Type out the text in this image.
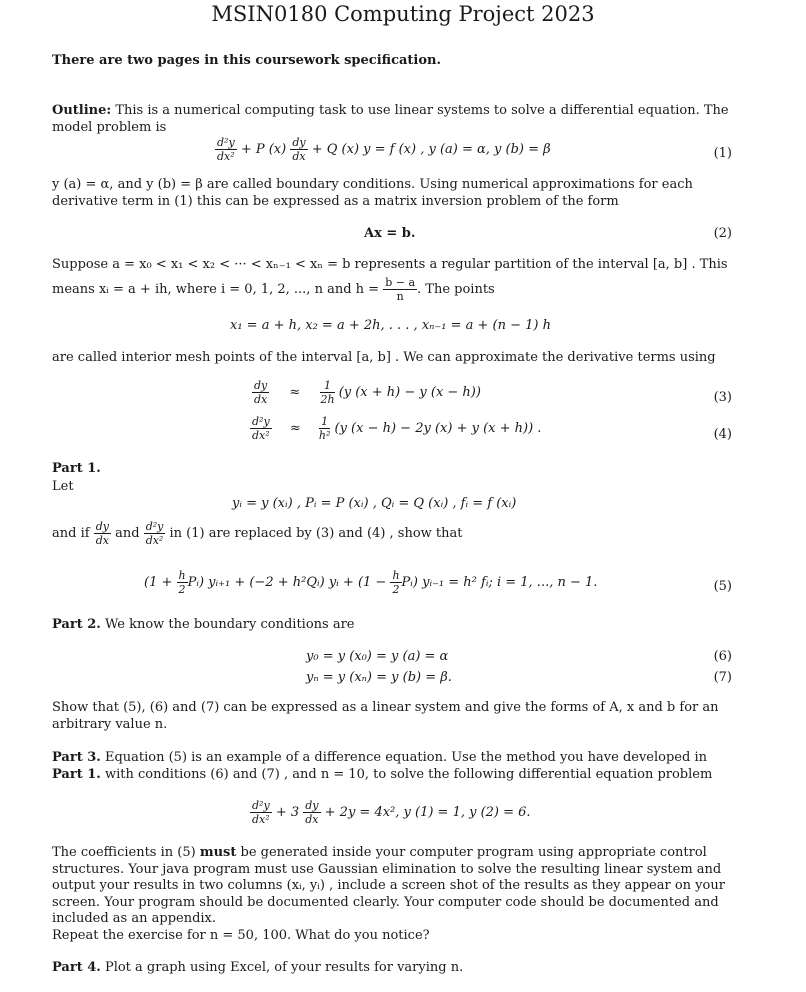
MSIN0180 Computing Project 2023
There are two pages in this coursework specification.
Outline: This is a numerical computing task to use linear systems to solve a differential equation. The model problem is
$\frac{\text{d²y}}{\text{dx²}} + P$ $(x) \frac{dy}{dx} + Q$ (x) y = f (x) , y (a) = α, y (b) = β	(1)
y (a) = α, and y (b) = β are called boundary conditions. Using numerical approximations for each derivative term in (1) this can be expressed as a matrix inversion problem of the form
Ax = b.	(2)
Suppose a = x₀ < x₁ < x₂ < ··· < xₙ₋₁ < xₙ = b represents a regular partition of the interval [a, b] . This
means xᵢ = a + ih, where i = 0, 1, 2, ..., n and $h = \frac{b - a}{n}$ . The points
x₁ = a + h, x₂ = a + 2h, . . . , xₙ₋₁ = a + (n − 1) h
are called interior mesh points of the interval [a, b] . We can approximate the derivative terms using
$\frac{dy}{dx} \approx \frac{1}{2h} (y$ (x + h) − y (x − h))	(3)
$\frac{\text{d²y}}{\text{dx²}} \approx \frac{1}{\text{h²}} (y$ (x − h) − 2y (x) + y (x + h)) .	(4)
Part 1.
Let
yᵢ = y (xᵢ) , Pᵢ = P (xᵢ) , Qᵢ = Q (xᵢ) , fᵢ = f (xᵢ)
and if $\frac{dy}{dx}$ and $\frac{\text{d²y}}{\text{dx²}}$ in (1) are replaced by (3) and (4) , show that
($1 + \frac{h}{2}$ Pᵢ) yᵢ₊₁ + (−2 + h²Qᵢ) yᵢ + ($1 - \frac{h}{2}$ Pᵢ) yᵢ₋₁ = h² fᵢ; i = 1, ..., n − 1.	(5)
Part 2. We know the boundary conditions are
y₀ = y (x₀) = y (a) = α	(6)
yₙ = y (xₙ) = y (b) = β.	(7)
Show that (5), (6) and (7) can be expressed as a linear system and give the forms of A, x and b for an arbitrary value n.
Part 3. Equation (5) is an example of a difference equation. Use the method you have developed in Part 1. with conditions (6) and (7) , and n = 10, to solve the following differential equation problem
$\frac{\text{d²y}}{\text{dx²}} + 3 \frac{dy}{dx} + 2y = 4x^2$, y (1) = 1, y (2) = 6.
The coefficients in (5) must be generated inside your computer program using appropriate control structures. Your java program must use Gaussian elimination to solve the resulting linear system and output your results in two columns (xᵢ, yᵢ) , include a screen shot of the results as they appear on your screen. Your program should be documented clearly. Your computer code should be documented and included as an appendix.
Repeat the exercise for n = 50, 100. What do you notice?
Part 4. Plot a graph using Excel, of your results for varying n.
